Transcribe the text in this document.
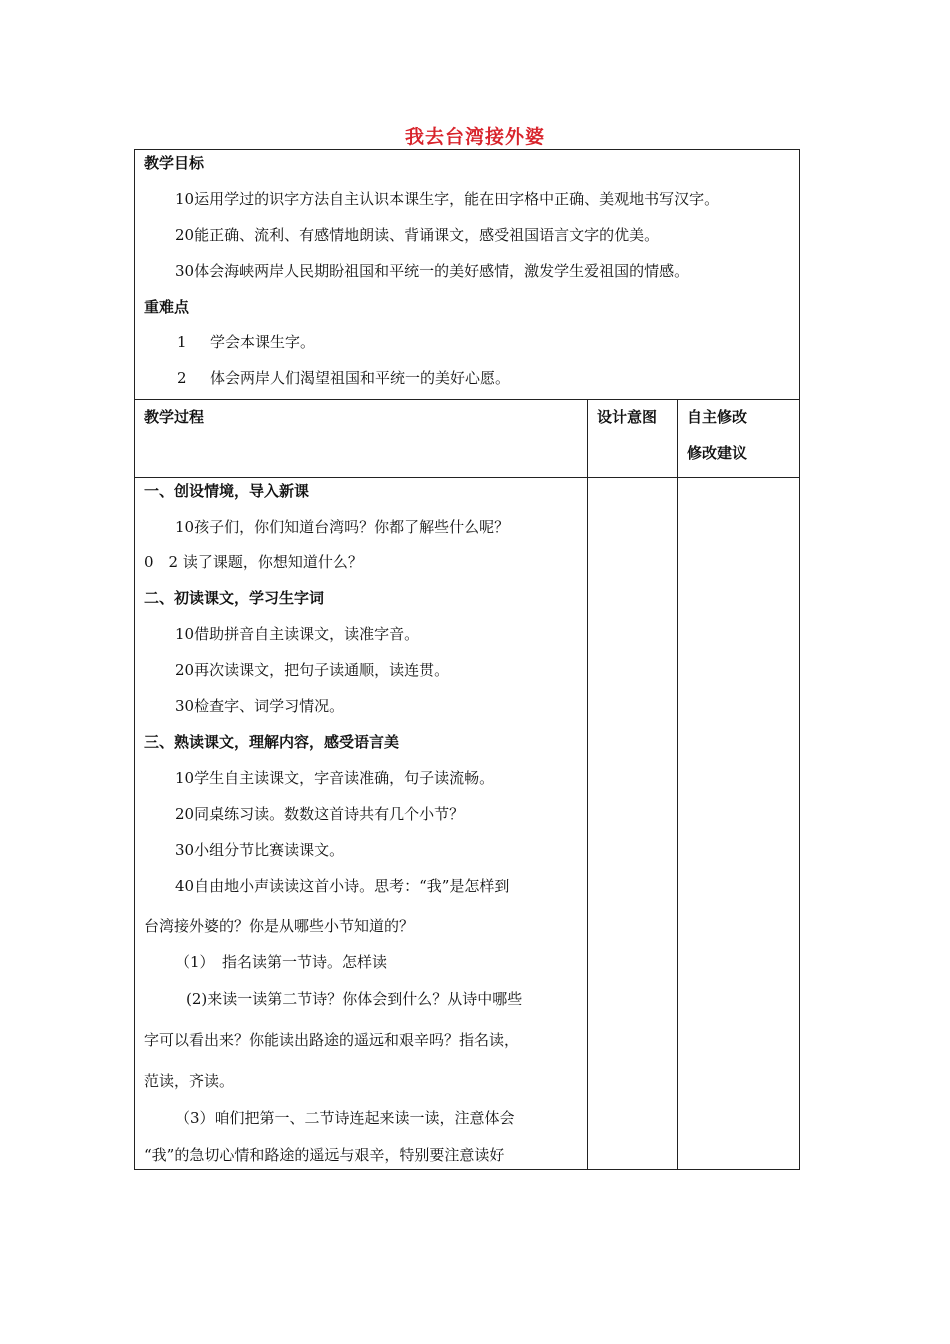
我去台湾接外婆
教学目标
10运用学过的识字方法自主认识本课生字，能在田字格中正确、美观地书写汉字。
20能正确、流利、有感情地朗读、背诵课文，感受祖国语言文字的优美。
30体会海峡两岸人民期盼祖国和平统一的美好感情，激发学生爱祖国的情感。
重难点
1 学会本课生字。
2 体会两岸人们渴望祖国和平统一的美好心愿。
教学过程	设计意图 自主修改
修改建议
一、创设情境，导入新课
10孩子们，你们知道台湾吗？你都了解些什么呢？
0　2 读了课题，你想知道什么？
二、初读课文，学习生字词
10借助拼音自主读课文，读准字音。
20再次读课文，把句子读通顺，读连贯。
30检查字、词学习情况。
三、熟读课文，理解内容，感受语言美
10学生自主读课文，字音读准确，句子读流畅。
20同桌练习读。数数这首诗共有几个小节？
30小组分节比赛读课文。
40自由地小声读读这首小诗。思考：“我”是怎样到
台湾接外婆的？你是从哪些小节知道的？
（1）　指名读第一节诗。怎样读
(2)来读一读第二节诗？你体会到什么？从诗中哪些
字可以看出来？你能读出路途的遥远和艰辛吗？指名读，
范读，齐读。
（3）咱们把第一、二节诗连起来读一读，注意体会
“我”的急切心情和路途的遥远与艰辛，特别要注意读好
